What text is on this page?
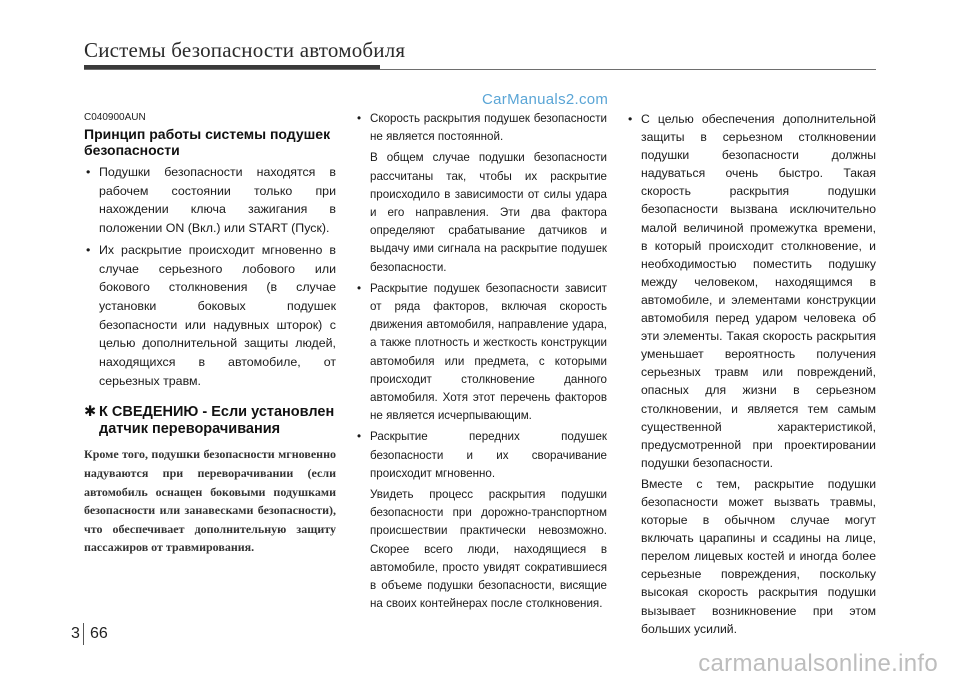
Системы безопасности автомобиля
CarManuals2.com
C040900AUN
Принцип работы системы подушек безопасности
• Подушки безопасности находятся в рабочем состоянии только при нахождении ключа зажигания в положении ON (Вкл.) или START (Пуск).
• Их раскрытие происходит мгновенно в случае серьезного лобового или бокового столкновения (в случае установки боковых подушек безопасности или надувных шторок) с целью дополнительной защиты людей, находящихся в автомобиле, от серьезных травм.
✱ К СВЕДЕНИЮ - Если установлен датчик переворачивания
Кроме того, подушки безопасности мгновенно надуваются при переворачивании (если автомобиль оснащен боковыми подушками безопасности или занавесками безопасности), что обеспечивает дополнительную защиту пассажиров от травмирования.
• Скорость раскрытия подушек безопасности не является постоянной.
В общем случае подушки безопасности рассчитаны так, чтобы их раскрытие происходило в зависимости от силы удара и его направления. Эти два фактора определяют срабатывание датчиков и выдачу ими сигнала на раскрытие подушек безопасности.
• Раскрытие подушек безопасности зависит от ряда факторов, включая скорость движения автомобиля, направление удара, а также плотность и жесткость конструкции автомобиля или предмета, с которыми происходит столкновение данного автомобиля. Хотя этот перечень факторов не является исчерпывающим.
• Раскрытие передних подушек безопасности и их сворачивание происходит мгновенно.
Увидеть процесс раскрытия подушки безопасности при дорожно-транспортном происшествии практически невозможно. Скорее всего люди, находящиеся в автомобиле, просто увидят сократившиеся в объеме подушки безопасности, висящие на своих контейнерах после столкновения.
• С целью обеспечения дополнительной защиты в серьезном столкновении подушки безопасности должны надуваться очень быстро. Такая скорость раскрытия подушки безопасности вызвана исключительно малой величиной промежутка времени, в который происходит столкновение, и необходимостью поместить подушку между человеком, находящимся в автомобиле, и элементами конструкции автомобиля перед ударом человека об эти элементы. Такая скорость раскрытия уменьшает вероятность получения серьезных травм или повреждений, опасных для жизни в серьезном столкновении, и является тем самым существенной характеристикой, предусмотренной при проектировании подушки безопасности.
Вместе с тем, раскрытие подушки безопасности может вызвать травмы, которые в обычном случае могут включать царапины и ссадины на лице, перелом лицевых костей и иногда более серьезные повреждения, поскольку высокая скорость раскрытия подушки вызывает возникновение при этом больших усилий.
3 66
carmanualsonline.info
